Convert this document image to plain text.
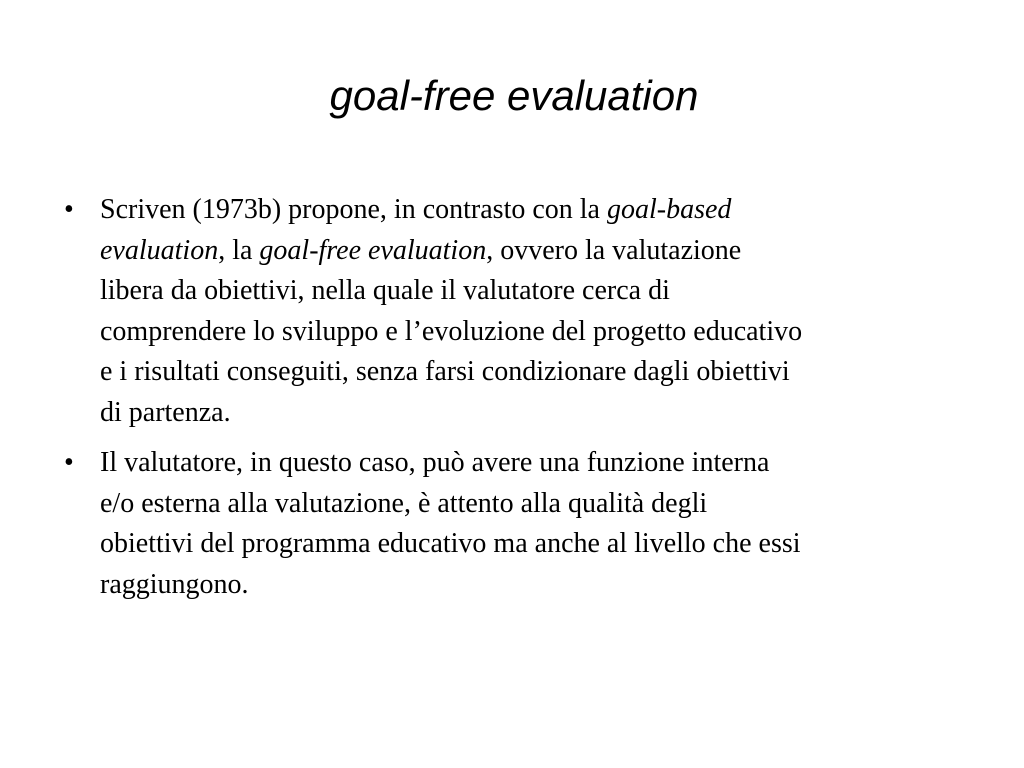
goal-free evaluation
• Scriven (1973b) propone, in contrasto con la goal-based
evaluation, la goal-free evaluation, ovvero la valutazione
libera da obiettivi, nella quale il valutatore cerca di
comprendere lo sviluppo e l’evoluzione del progetto educativo
e i risultati conseguiti, senza farsi condizionare dagli obiettivi
di partenza.
• Il valutatore, in questo caso, può avere una funzione interna
e/o esterna alla valutazione, è attento alla qualità degli
obiettivi del programma educativo ma anche al livello che essi
raggiungono.
